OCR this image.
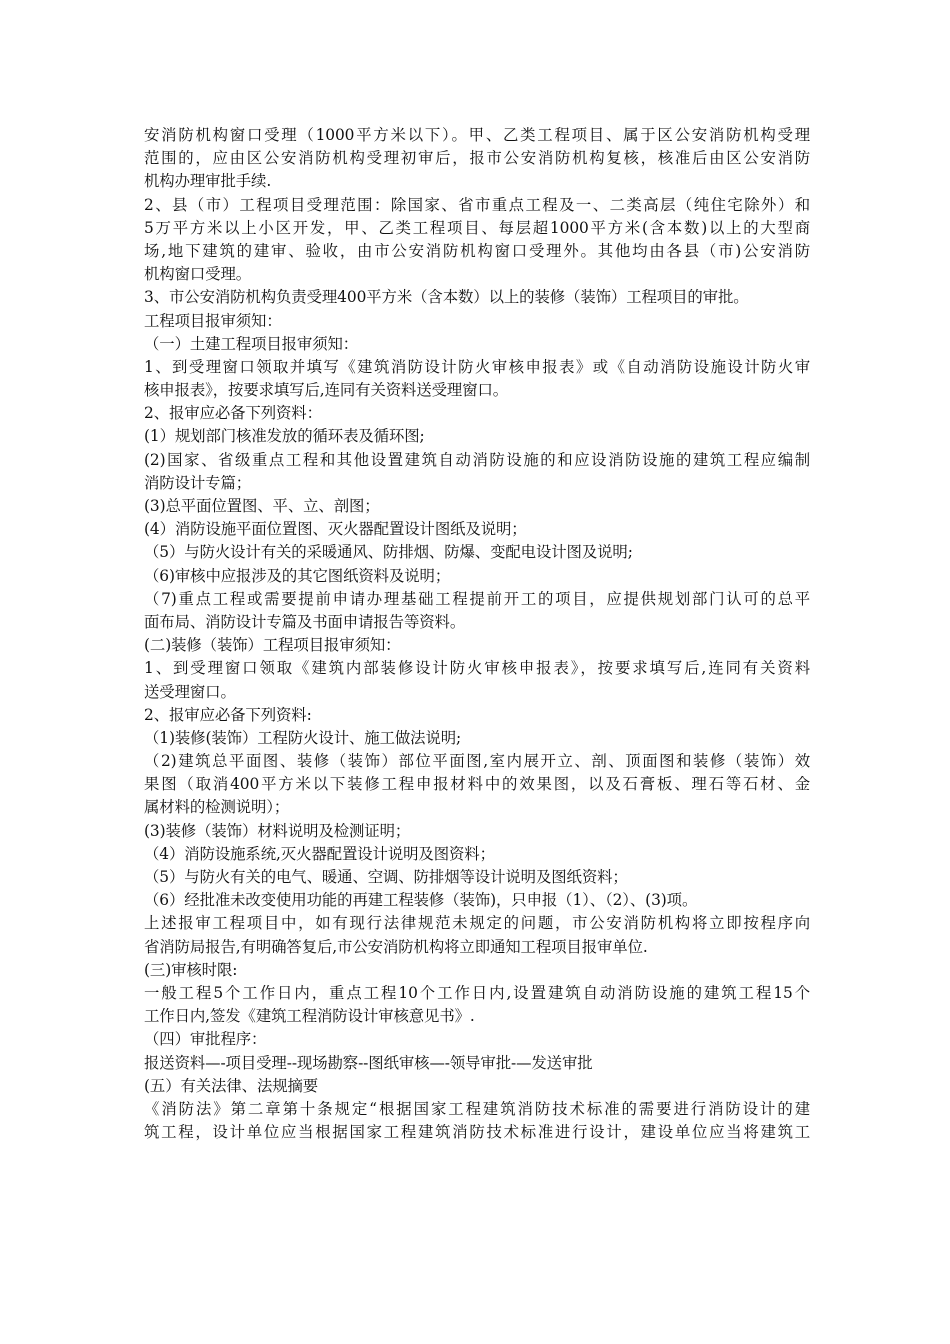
安消防机构窗口受理（1000平方米以下）。甲、乙类工程项目、属于区公安消防机构受理
范围的，应由区公安消防机构受理初审后，报市公安消防机构复核，核准后由区公安消防
机构办理审批手续.
2、县（市）工程项目受理范围：除国家、省市重点工程及一、二类高层（纯住宅除外）和
5万平方米以上小区开发，甲、乙类工程项目、每层超1000平方米(含本数)以上的大型商
场,地下建筑的建审、验收，由市公安消防机构窗口受理外。其他均由各县（市)公安消防
机构窗口受理。
3、市公安消防机构负责受理400平方米（含本数）以上的装修（装饰）工程项目的审批。
工程项目报审须知：
（一）土建工程项目报审须知：
1、到受理窗口领取并填写《建筑消防设计防火审核申报表》或《自动消防设施设计防火审
核申报表》，按要求填写后,连同有关资料送受理窗口。
2、报审应必备下列资料：
(1）规划部门核准发放的循环表及循环图;
(2)国家、省级重点工程和其他设置建筑自动消防设施的和应设消防设施的建筑工程应编制
消防设计专篇；
(3)总平面位置图、平、立、剖图；
(4）消防设施平面位置图、灭火器配置设计图纸及说明；
（5）与防火设计有关的采暖通风、防排烟、防爆、变配电设计图及说明;
（6)审核中应报涉及的其它图纸资料及说明；
（7)重点工程或需要提前申请办理基础工程提前开工的项目，应提供规划部门认可的总平
面布局、消防设计专篇及书面申请报告等资料。
(二)装修（装饰）工程项目报审须知：
1、到受理窗口领取《建筑内部装修设计防火审核申报表》，按要求填写后,连同有关资料
送受理窗口。
2、报审应必备下列资料:
（1)装修(装饰）工程防火设计、施工做法说明;
（2)建筑总平面图、装修（装饰）部位平面图,室内展开立、剖、顶面图和装修（装饰）效
果图（取消400平方米以下装修工程申报材料中的效果图，以及石膏板、理石等石材、金
属材料的检测说明）；
(3)装修（装饰）材料说明及检测证明；
（4）消防设施系统,灭火器配置设计说明及图资料；
（5）与防火有关的电气、暖通、空调、防排烟等设计说明及图纸资料；
（6）经批准未改变使用功能的再建工程装修（装饰)，只申报（1）、（2）、(3)项。
上述报审工程项目中，如有现行法律规范未规定的问题，市公安消防机构将立即按程序向
省消防局报告,有明确答复后,市公安消防机构将立即通知工程项目报审单位.
(三)审核时限:
一般工程5个工作日内，重点工程10个工作日内,设置建筑自动消防设施的建筑工程15个
工作日内,签发《建筑工程消防设计审核意见书》.
（四）审批程序：
报送资料—-项目受理--现场勘察--图纸审核—-领导审批-—发送审批
(五）有关法律、法规摘要
《消防法》第二章第十条规定“根据国家工程建筑消防技术标准的需要进行消防设计的建
筑工程，设计单位应当根据国家工程建筑消防技术标准进行设计，建设单位应当将建筑工
